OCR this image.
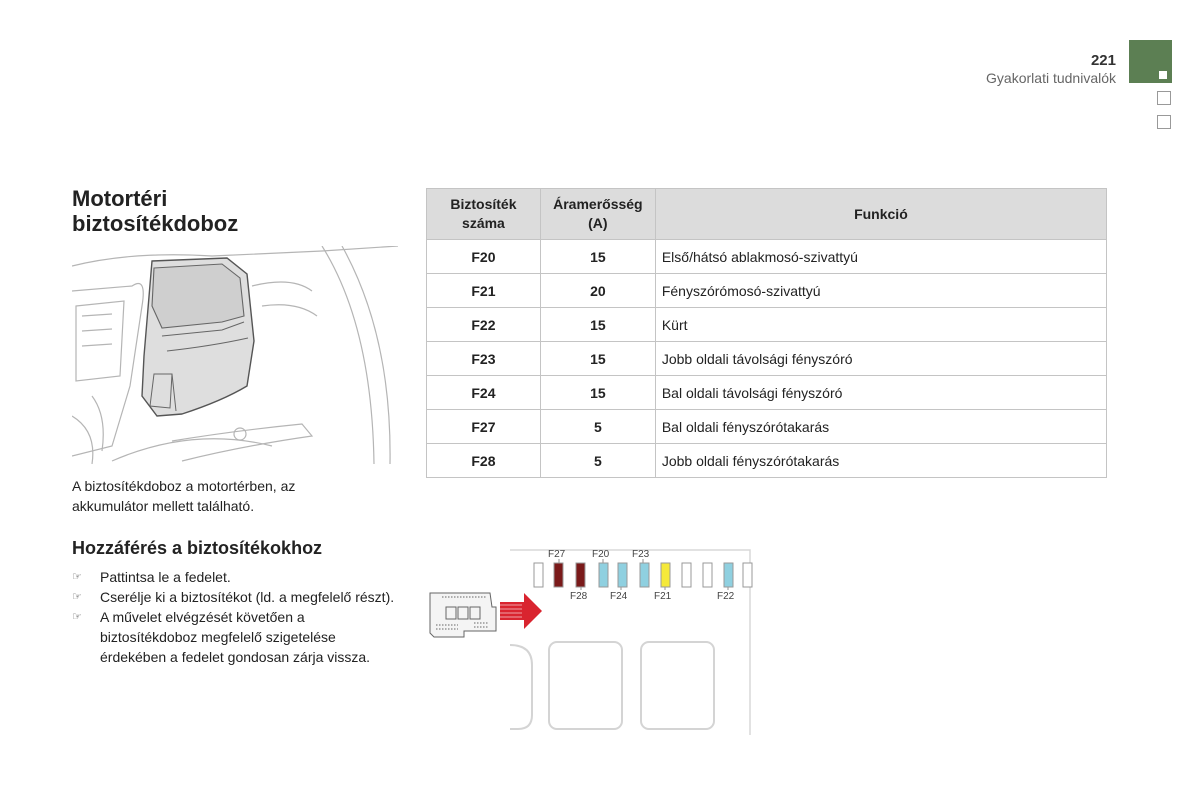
221
Gyakorlati tudnivalók
Motortéri
biztosítékdoboz

A biztosítékdoboz a motortérben, az akkumulátor mellett található.

Hozzáférés a biztosítékokhoz
☞ Pattintsa le a fedelet.
☞ Cserélje ki a biztosítékot (ld. a megfelelő részt).
☞ A művelet elvégzését követően a biztosítékdoboz megfelelő szigetelése érdekében a fedelet gondosan zárja vissza.
Biztosíték száma	Áramerősség (A)	Funkció
F20	15	Első/hátsó ablakmosó-szivattyú
F21	20	Fényszórómosó-szivattyú
F22	15	Kürt
F23	15	Jobb oldali távolsági fényszóró
F24	15	Bal oldali távolsági fényszóró
F27	5	Bal oldali fényszórótakarás
F28	5	Jobb oldali fényszórótakarás
F27	F20 F23
F28 F24	F21	F22
